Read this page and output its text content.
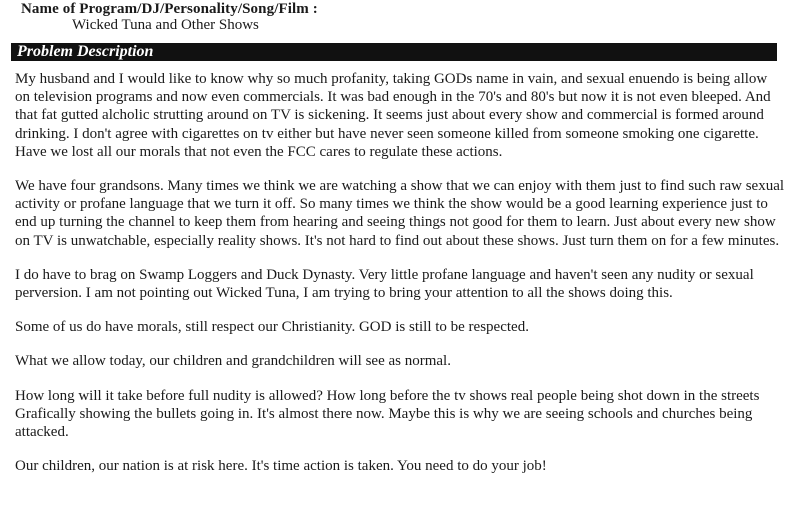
Name of Program/DJ/Personality/Song/Film :
Wicked Tuna and Other Shows
Problem Description

My husband and I would like to know why so much profanity, taking GODs name in vain, and sexual enuendo is being allow on television programs and now even commercials. It was bad enough in the 70's and 80's but now it is not even bleeped. And that fat gutted alcholic strutting around on TV is sickening. It seems just about every show and commercial is formed around drinking. I don't agree with cigarettes on tv either but have never seen someone killed from someone smoking one cigarette. Have we lost all our morals that not even the FCC cares to regulate these actions.

We have four grandsons. Many times we think we are watching a show that we can enjoy with them just to find such raw sexual activity or profane language that we turn it off. So many times we think the show would be a good learning experience just to end up turning the channel to keep them from hearing and seeing things not good for them to learn. Just about every new show on TV is unwatchable, especially reality shows. It's not hard to find out about these shows. Just turn them on for a few minutes.

I do have to brag on Swamp Loggers and Duck Dynasty. Very little profane language and haven't seen any nudity or sexual perversion. I am not pointing out Wicked Tuna, I am trying to bring your attention to all the shows doing this.

Some of us do have morals, still respect our Christianity. GOD is still to be respected.

What we allow today, our children and grandchildren will see as normal.

How long will it take before full nudity is allowed? How long before the tv shows real people being shot down in the streets Grafically showing the bullets going in. It's almost there now. Maybe this is why we are seeing schools and churches being attacked.

Our children, our nation is at risk here. It's time action is taken. You need to do your job!
